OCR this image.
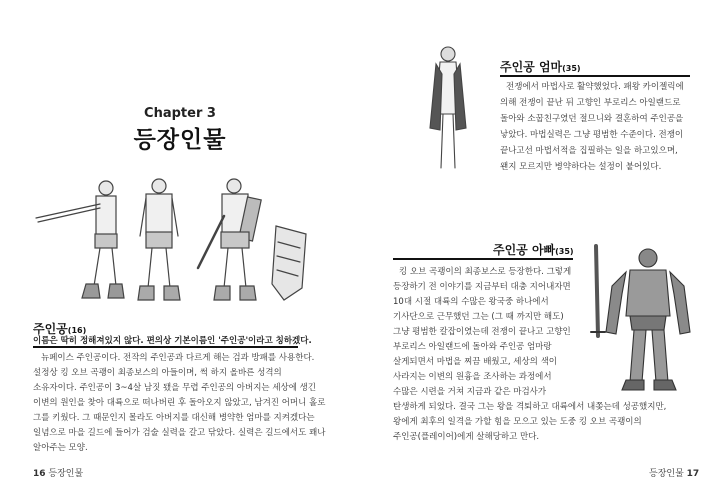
Chapter 3
등장인물
주인공(16)
이름은 딱히 정해져있지 않다. 편의상 기본이름인 '주인공'이라고 칭하겠다.
뉴페이스 주인공이다. 전작의 주인공과 다르게 해는 검과 방패를 사용한다.
설정상 킹 오브 곡괭이 최종보스의 아들이며, 썩 하지 올바른 성격의
소유자이다. 주인공이 3~4살 남짓 됐을 무렵 주인공의 아버지는 세상에 생긴
이변의 원인을 찾아 대륙으로 떠나버린 후 돌아오지 않았고, 남겨진 어머니 홀로
그를 키웠다. 그 때문인지 몰라도 아버지를 대신해 병약한 엄마를 지켜겠다는
일념으로 마을 길드에 들어가 검술 실력을 갈고 닦았다. 실력은 길드에서도 꽤나
알아주는 모양.
16 등장인물
주인공 엄마(35)
전쟁에서 마법사로 활약했었다. 패왕 카이젤릭에
의해 전쟁이 끝난 뒤 고향인 부로리스 아일랜드로
돌아와 소꿉친구였던 절므니와 결혼하여 주인공을
낳았다. 마법실력은 그냥 평범한 수준이다. 전쟁이
끝나고선 마법서적을 집필하는 일을 하고있으며,
왠지 모르지만 병약하다는 설정이 붙어있다.
주인공 아빠(35)
킹 오브 곡괭이의 최종보스로 등장한다. 그렇게
등장하기 전 이야기를 지금부터 대충 지어내자면
10대 시절 대륙의 수많은 왕국중 하나에서
기사단으로 근무했던 그는 (그 때 까지만 해도)
그냥 평범한 칼잡이였는데 전쟁이 끝나고 고향인
부로리스 아일랜드에 돌아와 주인공 엄마랑
살게되면서 마법을 찌끔 배웠고, 세상의 색이
사라지는 이변의 원흉을 조사하는 과정에서
수많은 시련을 거쳐 지금과 같은 마검사가
탄생하게 되었다. 결국 그는 왕을 격퇴하고 대륙에서 내쫒는데 성공했지만,
왕에게 최후의 일격을 가할 힘을 모으고 있는 도중 킹 오브 곡괭이의
주인공(플레이어)에게 살해당하고 만다.
등장인물 17
